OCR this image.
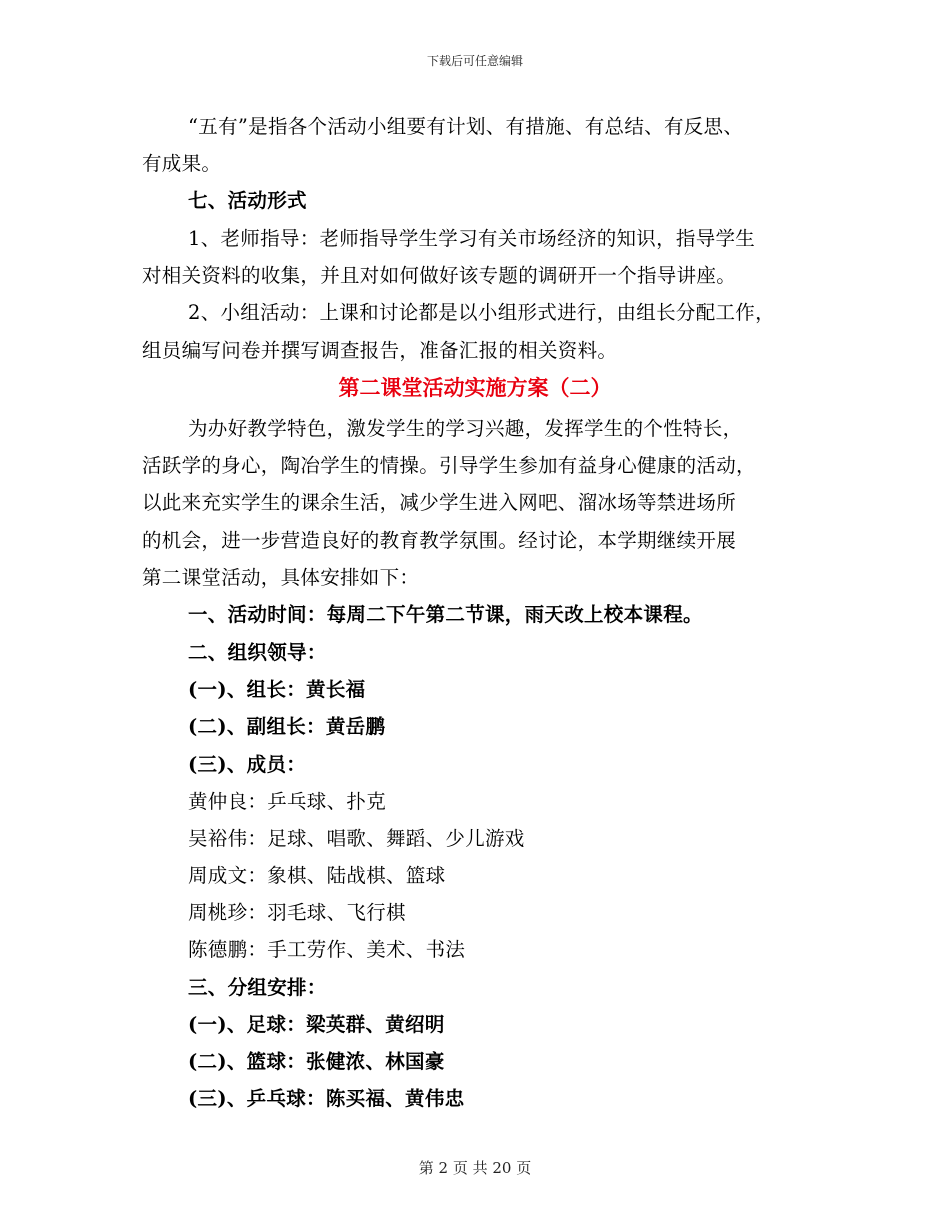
下载后可任意编辑
“五有”是指各个活动小组要有计划、有措施、有总结、有反思、
有成果。
七、活动形式
1、老师指导：老师指导学生学习有关市场经济的知识，指导学生
对相关资料的收集，并且对如何做好该专题的调研开一个指导讲座。
2、小组活动：上课和讨论都是以小组形式进行，由组长分配工作，
组员编写问卷并撰写调查报告，准备汇报的相关资料。
第二课堂活动实施方案（二）
为办好教学特色，激发学生的学习兴趣，发挥学生的个性特长，
活跃学的身心，陶冶学生的情操。引导学生参加有益身心健康的活动，
以此来充实学生的课余生活，减少学生进入网吧、溜冰场等禁进场所
的机会，进一步营造良好的教育教学氛围。经讨论，本学期继续开展
第二课堂活动，具体安排如下：
一、活动时间：每周二下午第二节课，雨天改上校本课程。
二、组织领导：
(一)、组长：黄长福
(二)、副组长：黄岳鹏
(三)、成员：
黄仲良：乒乓球、扑克
吴裕伟：足球、唱歌、舞蹈、少儿游戏
周成文：象棋、陆战棋、篮球
周桃珍：羽毛球、飞行棋
陈德鹏：手工劳作、美术、书法
三、分组安排：
(一)、足球：梁英群、黄绍明
(二)、篮球：张健浓、林国豪
(三)、乒乓球：陈买福、黄伟忠
第 2 页 共 20 页
